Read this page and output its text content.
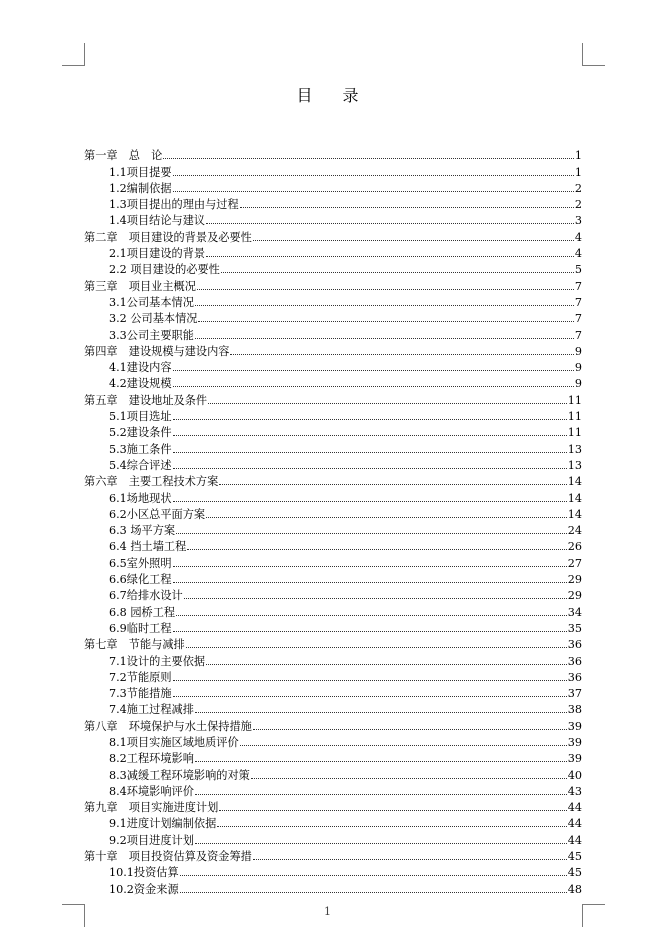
目 录
第一章　总　论	1
1.1项目提要	1
1.2编制依据	2
1.3项目提出的理由与过程	2
1.4项目结论与建议	3
第二章　项目建设的背景及必要性	4
2.1项目建设的背景	4
2.2 项目建设的必要性	5
第三章　项目业主概况	7
3.1公司基本情况	7
3.2 公司基本情况	7
3.3公司主要职能	7
第四章　建设规模与建设内容	9
4.1建设内容	9
4.2建设规模	9
第五章　建设地址及条件	11
5.1项目选址	11
5.2建设条件	11
5.3施工条件	13
5.4综合评述	13
第六章　主要工程技术方案	14
6.1场地现状	14
6.2小区总平面方案	14
6.3 场平方案	24
6.4 挡土墙工程	26
6.5室外照明	27
6.6绿化工程	29
6.7给排水设计	29
6.8 园桥工程	34
6.9临时工程	35
第七章　节能与减排	36
7.1设计的主要依据	36
7.2节能原则	36
7.3节能措施	37
7.4施工过程减排	38
第八章　环境保护与水土保持措施	39
8.1项目实施区域地质评价	39
8.2工程环境影响	39
8.3减缓工程环境影响的对策	40
8.4环境影响评价	43
第九章　项目实施进度计划	44
9.1进度计划编制依据	44
9.2项目进度计划	44
第十章　项目投资估算及资金筹措	45
10.1投资估算	45
10.2资金来源	48
1
